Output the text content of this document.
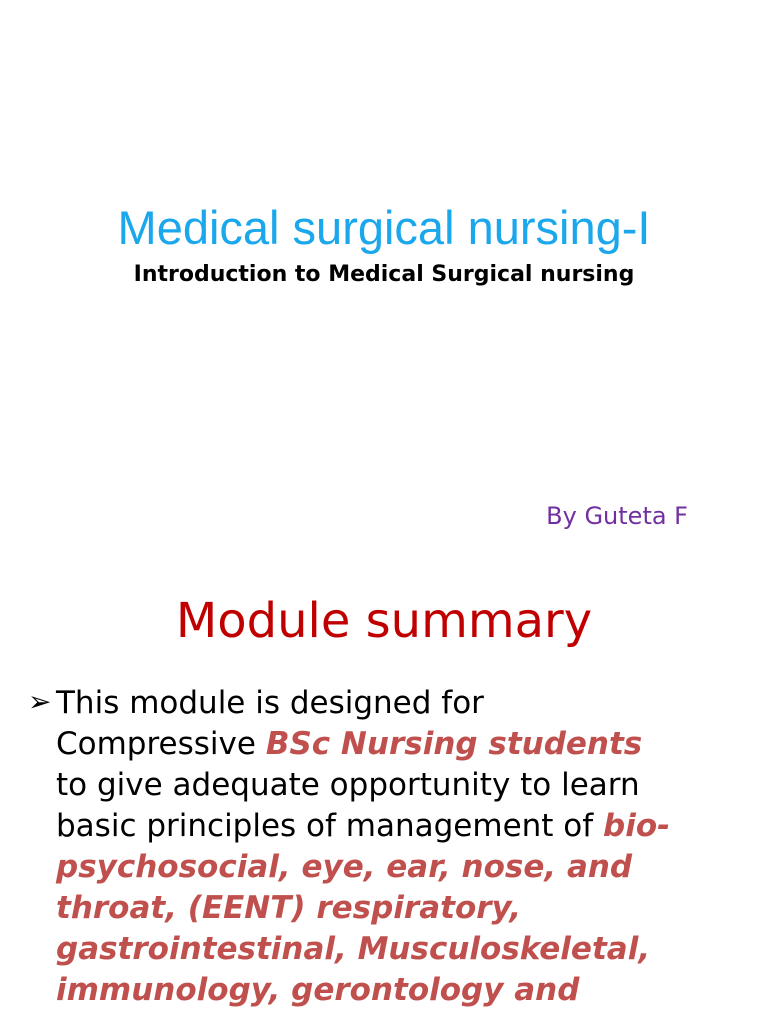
Medical surgical nursing-I
Introduction to Medical Surgical nursing
By Guteta F
Module summary
➢ This module is designed for
Compressive BSc Nursing students
to give adequate opportunity to learn
basic principles of management of bio-
psychosocial, eye, ear, nose, and
throat, (EENT) respiratory,
gastrointestinal, Musculoskeletal,
immunology, gerontology and
